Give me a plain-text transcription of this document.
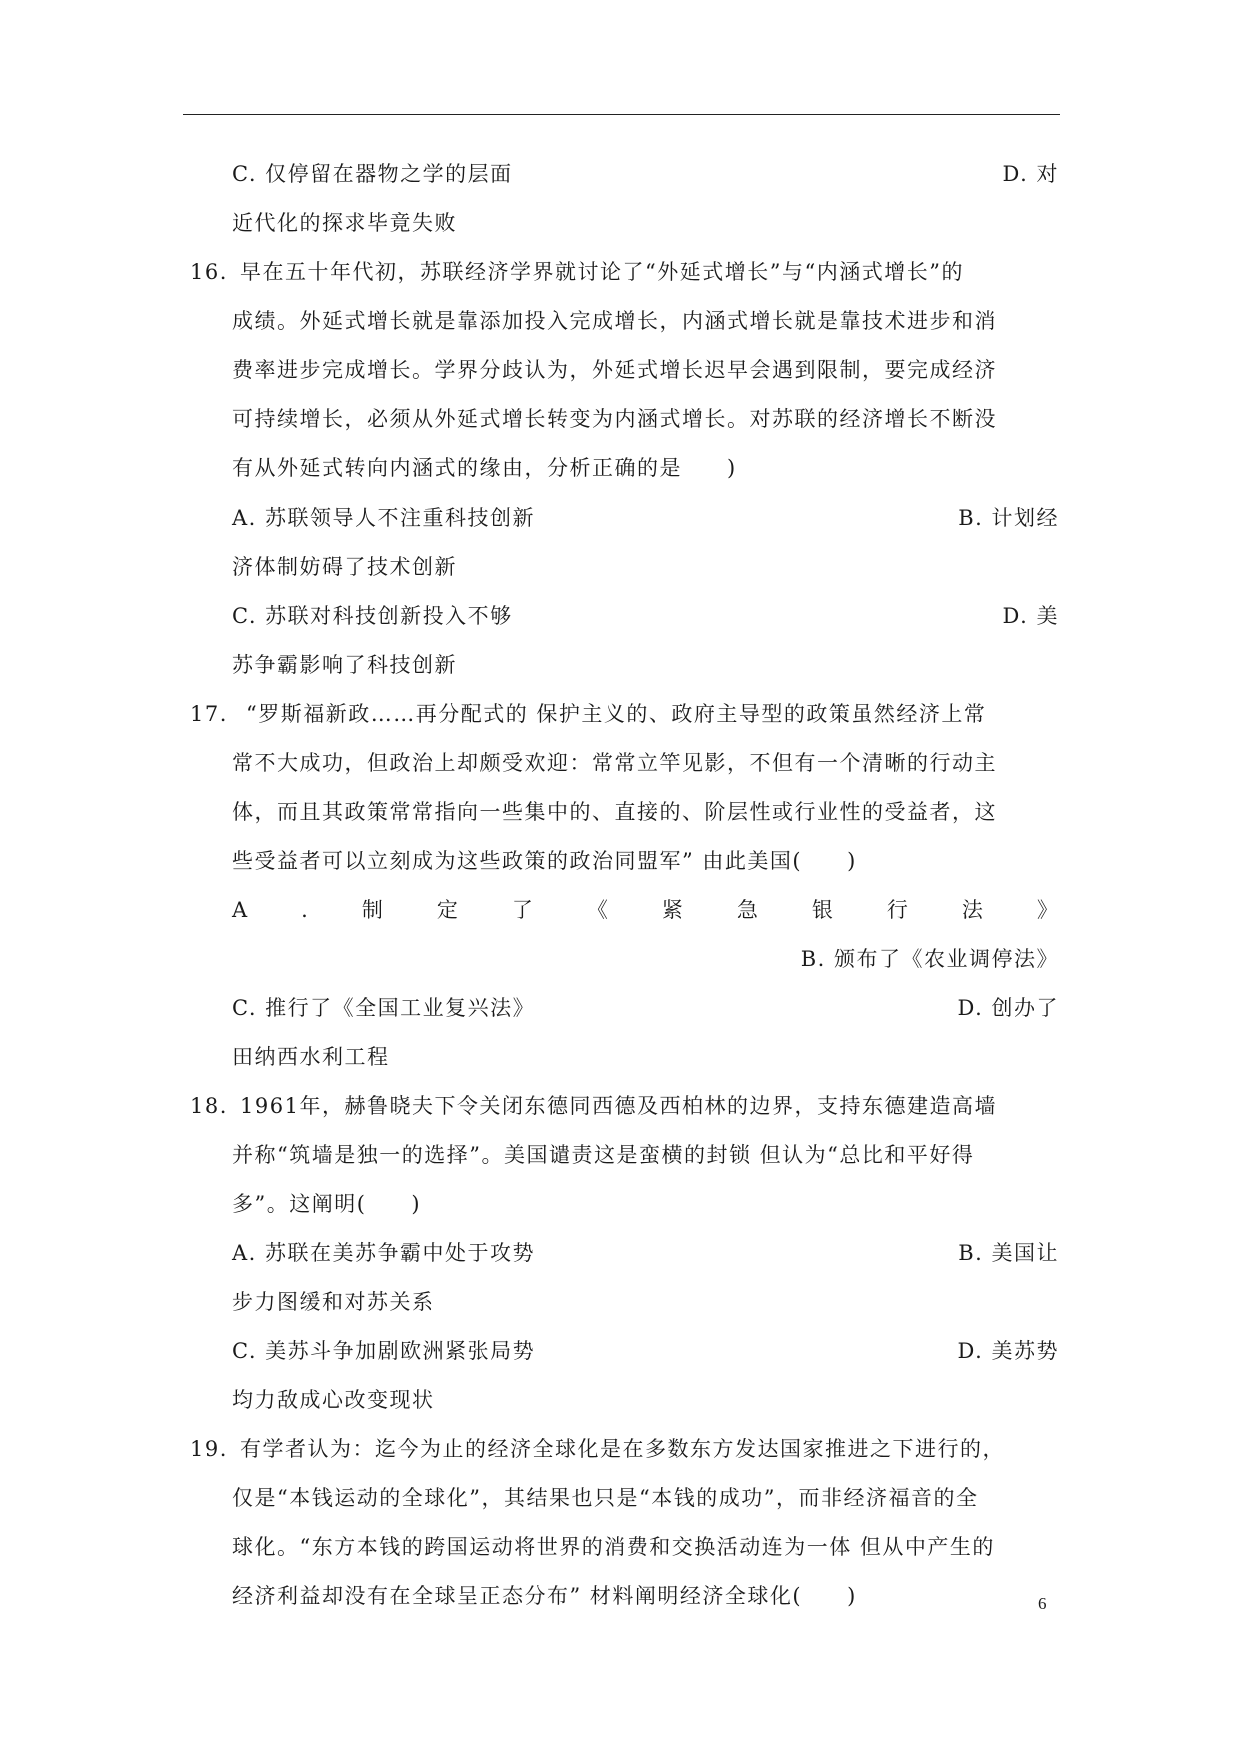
C. 仅停留在器物之学的层面	D. 对
近代化的探求毕竟失败
16. 早在五十年代初，苏联经济学界就讨论了“外延式增长”与“内涵式增长”的
成绩。外延式增长就是靠添加投入完成增长，内涵式增长就是靠技术进步和消
费率进步完成增长。学界分歧认为，外延式增长迟早会遇到限制，要完成经济
可持续增长，必须从外延式增长转变为内涵式增长。对苏联的经济增长不断没
有从外延式转向内涵式的缘由，分析正确的是　　)
A. 苏联领导人不注重科技创新	B. 计划经
济体制妨碍了技术创新
C. 苏联对科技创新投入不够	D. 美
苏争霸影响了科技创新
17. “罗斯福新政……再分配式的 保护主义的、政府主导型的政策虽然经济上常
常不大成功，但政治上却颇受欢迎：常常立竿见影，不但有一个清晰的行动主
体，而且其政策常常指向一些集中的、直接的、阶层性或行业性的受益者，这
些受益者可以立刻成为这些政策的政治同盟军” 由此美国(　　)
A	.	制	定	了	《	紧	急	银	行	法	》
B. 颁布了《农业调停法》
C. 推行了《全国工业复兴法》	D. 创办了
田纳西水利工程
18. 1961年，赫鲁晓夫下令关闭东德同西德及西柏林的边界，支持东德建造高墙
并称“筑墙是独一的选择”。美国谴责这是蛮横的封锁 但认为“总比和平好得
多”。这阐明(　　)
A. 苏联在美苏争霸中处于攻势	B. 美国让
步力图缓和对苏关系
C. 美苏斗争加剧欧洲紧张局势	D. 美苏势
均力敌成心改变现状
19. 有学者认为：迄今为止的经济全球化是在多数东方发达国家推进之下进行的，
仅是“本钱运动的全球化”，其结果也只是“本钱的成功”，而非经济福音的全
球化。“东方本钱的跨国运动将世界的消费和交换活动连为一体 但从中产生的
经济利益却没有在全球呈正态分布” 材料阐明经济全球化(　　)	6
